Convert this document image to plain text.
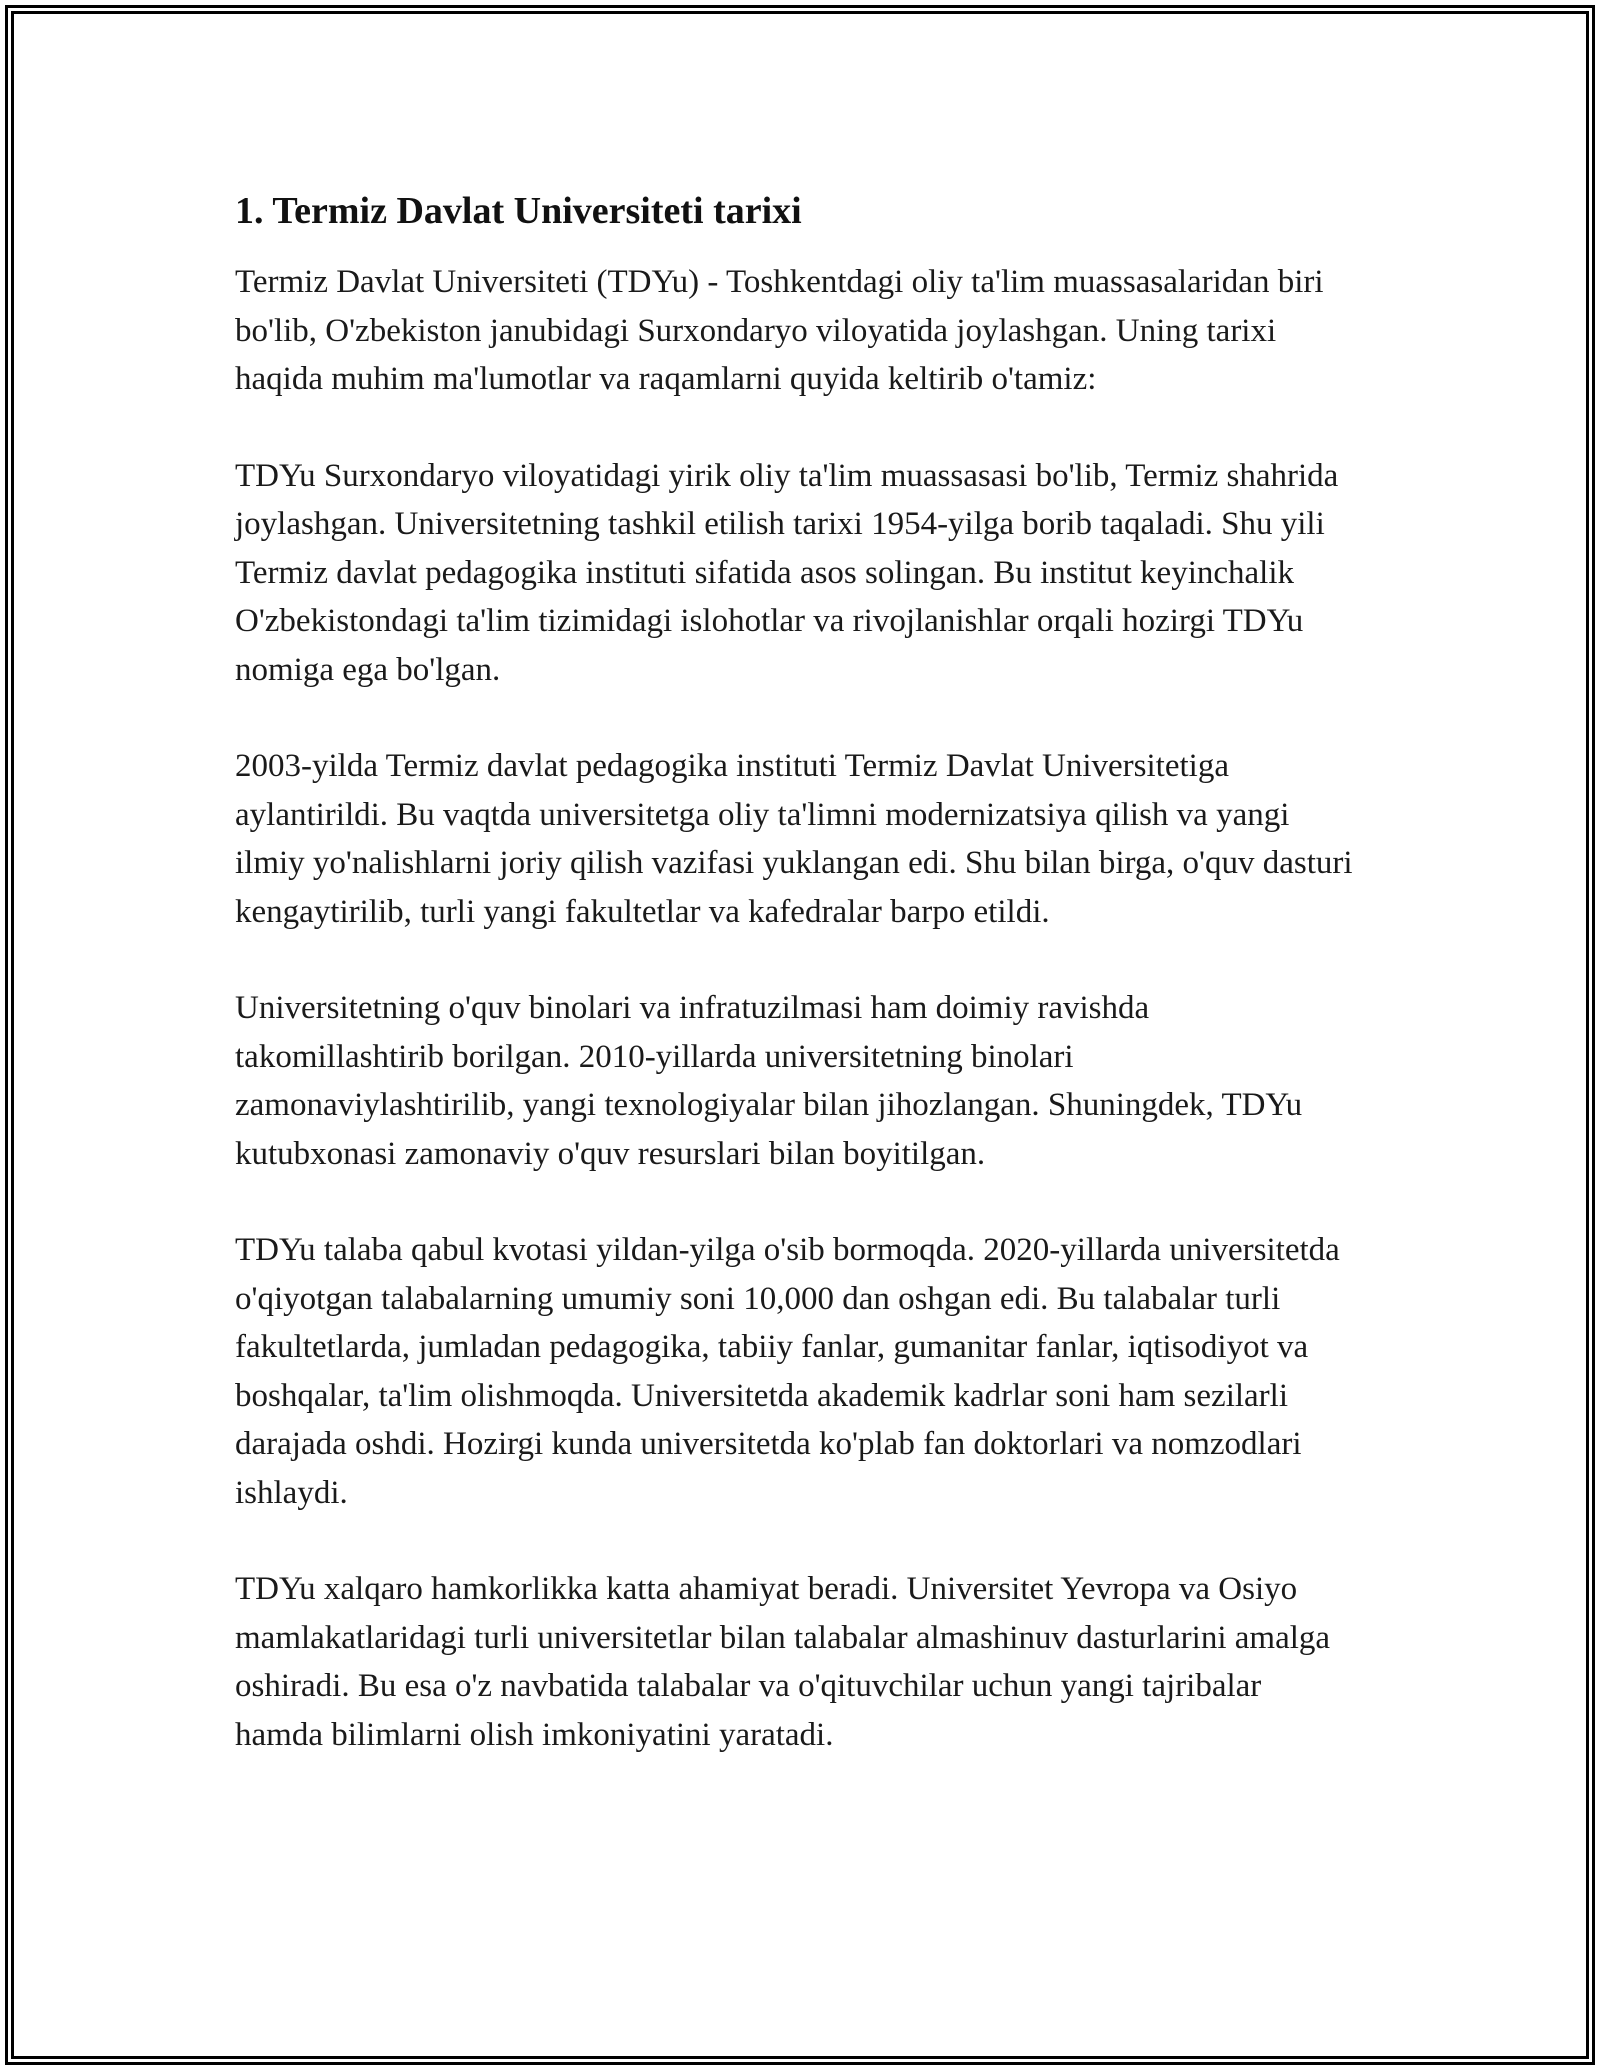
1. Termiz Davlat Universiteti tarixi

Termiz Davlat Universiteti (TDYu) - Toshkentdagi oliy ta'lim muassasalaridan biri bo'lib, O'zbekiston janubidagi Surxondaryo viloyatida joylashgan. Uning tarixi haqida muhim ma'lumotlar va raqamlarni quyida keltirib o'tamiz:

TDYu Surxondaryo viloyatidagi yirik oliy ta'lim muassasasi bo'lib, Termiz shahrida joylashgan. Universitetning tashkil etilish tarixi 1954-yilga borib taqaladi. Shu yili Termiz davlat pedagogika instituti sifatida asos solingan. Bu institut keyinchalik O'zbekistondagi ta'lim tizimidagi islohotlar va rivojlanishlar orqali hozirgi TDYu nomiga ega bo'lgan.

2003-yilda Termiz davlat pedagogika instituti Termiz Davlat Universitetiga aylantirildi. Bu vaqtda universitetga oliy ta'limni modernizatsiya qilish va yangi ilmiy yo'nalishlarni joriy qilish vazifasi yuklangan edi. Shu bilan birga, o'quv dasturi kengaytirilib, turli yangi fakultetlar va kafedralar barpo etildi.

Universitetning o'quv binolari va infratuzilmasi ham doimiy ravishda takomillashtirib borilgan. 2010-yillarda universitetning binolari zamonaviylashtirilib, yangi texnologiyalar bilan jihozlangan. Shuningdek, TDYu kutubxonasi zamonaviy o'quv resurslari bilan boyitilgan.

TDYu talaba qabul kvotasi yildan-yilga o'sib bormoqda. 2020-yillarda universitetda o'qiyotgan talabalarning umumiy soni 10,000 dan oshgan edi. Bu talabalar turli fakultetlarda, jumladan pedagogika, tabiiy fanlar, gumanitar fanlar, iqtisodiyot va boshqalar, ta'lim olishmoqda. Universitetda akademik kadrlar soni ham sezilarli darajada oshdi. Hozirgi kunda universitetda ko'plab fan doktorlari va nomzodlari ishlaydi.

TDYu xalqaro hamkorlikka katta ahamiyat beradi. Universitet Yevropa va Osiyo mamlakatlaridagi turli universitetlar bilan talabalar almashinuv dasturlarini amalga oshiradi. Bu esa o'z navbatida talabalar va o'qituvchilar uchun yangi tajribalar hamda bilimlarni olish imkoniyatini yaratadi.
